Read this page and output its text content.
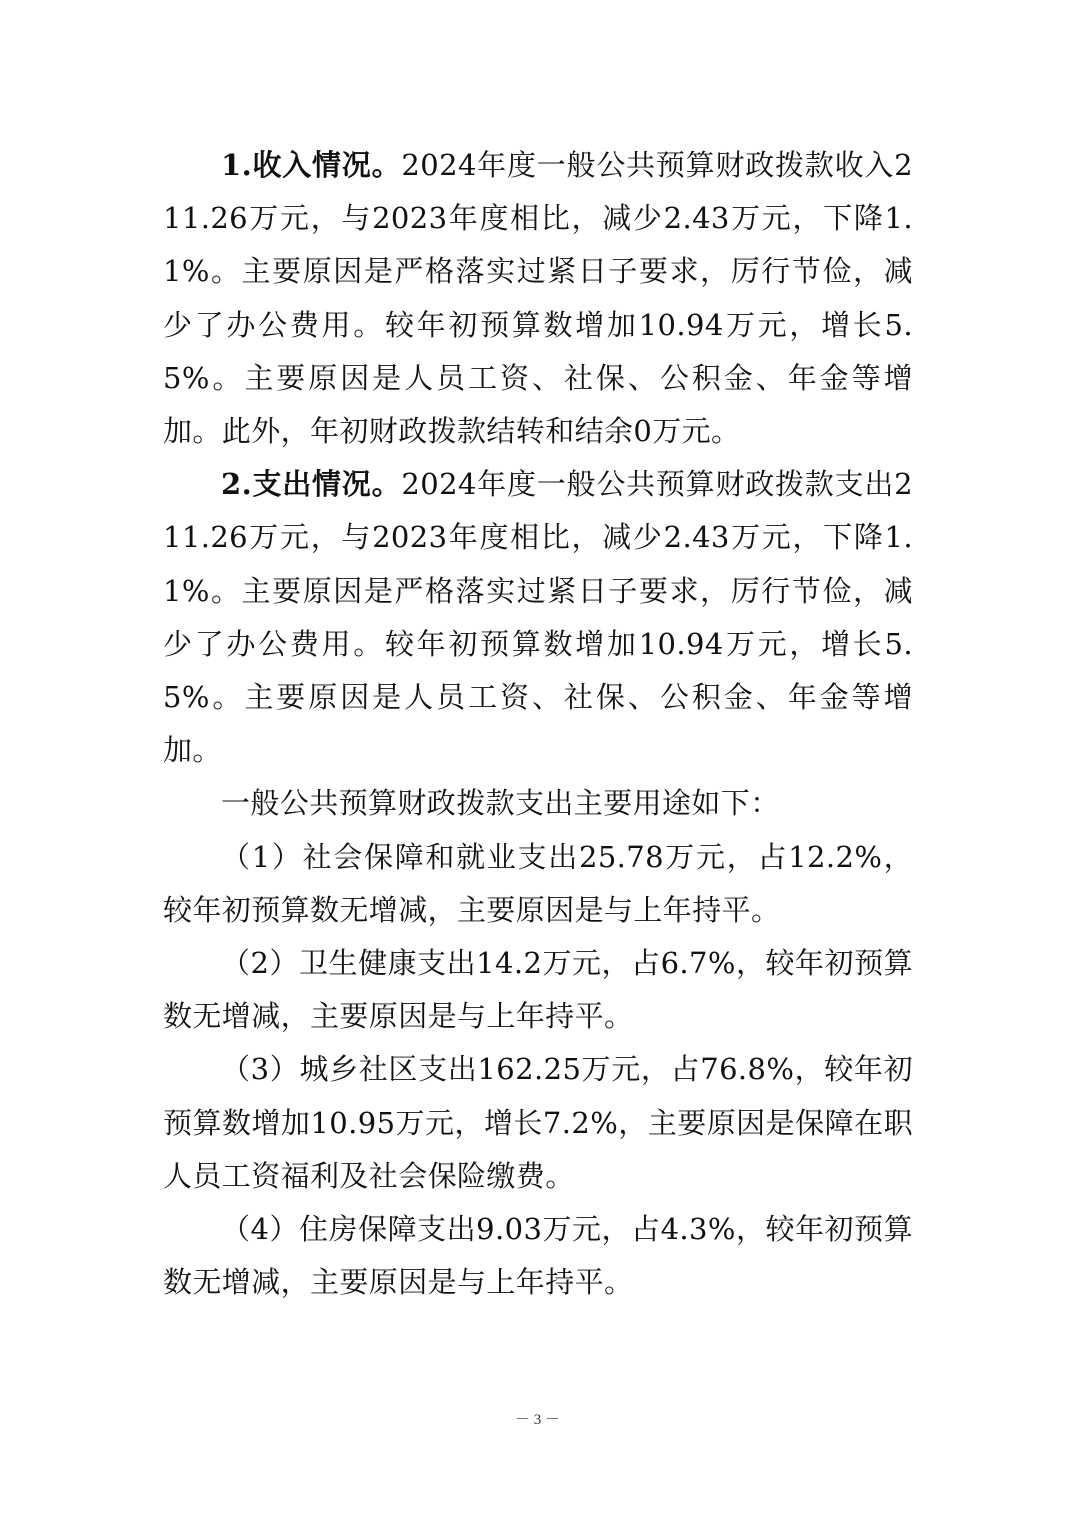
1.收入情况。2024年度一般公共预算财政拨款收入211.26万元，与2023年度相比，减少2.43万元，下降1.1%。主要原因是严格落实过紧日子要求，厉行节俭，减少了办公费用。较年初预算数增加10.94万元，增长5.5%。主要原因是人员工资、社保、公积金、年金等增加。此外，年初财政拨款结转和结余0万元。

2.支出情况。2024年度一般公共预算财政拨款支出211.26万元，与2023年度相比，减少2.43万元，下降1.1%。主要原因是严格落实过紧日子要求，厉行节俭，减少了办公费用。较年初预算数增加10.94万元，增长5.5%。主要原因是人员工资、社保、公积金、年金等增加。

一般公共预算财政拨款支出主要用途如下：

（1）社会保障和就业支出25.78万元，占12.2%，较年初预算数无增减，主要原因是与上年持平。

（2）卫生健康支出14.2万元，占6.7%，较年初预算数无增减，主要原因是与上年持平。

（3）城乡社区支出162.25万元，占76.8%，较年初预算数增加10.95万元，增长7.2%，主要原因是保障在职人员工资福利及社会保险缴费。

（4）住房保障支出9.03万元，占4.3%，较年初预算数无增减，主要原因是与上年持平。

－ 3 －
